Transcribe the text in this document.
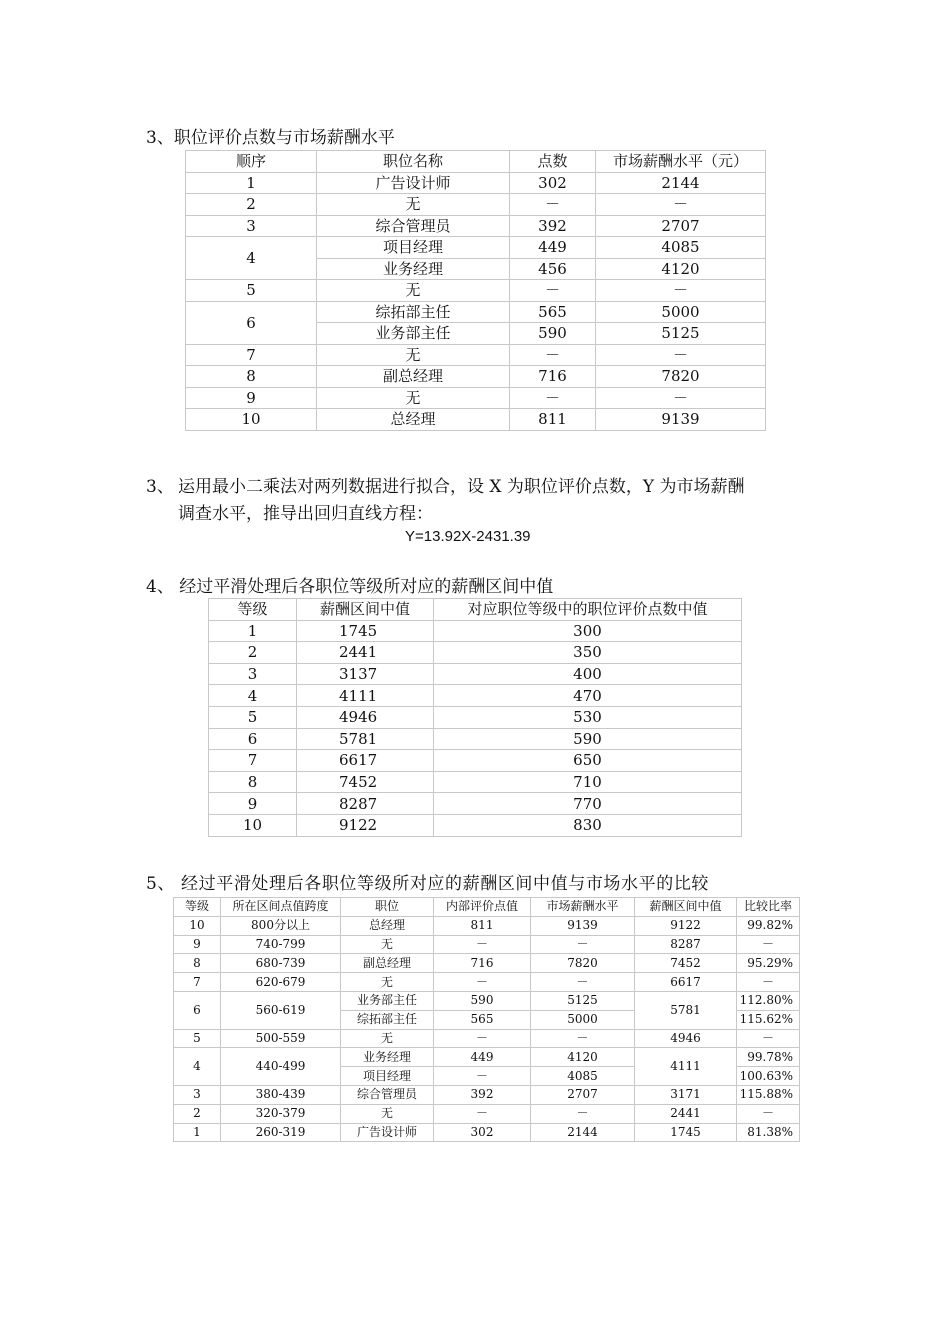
3、职位评价点数与市场薪酬水平
顺序	职位名称	点数	市场薪酬水平（元）
1	广告设计师	302	2144
2	无	－	－
3	综合管理员	392	2707
4	项目经理	449	4085
	业务经理	456	4120
5	无	－	－
6	综拓部主任	565	5000
	业务部主任	590	5125
7	无	－	－
8	副总经理	716	7820
9	无	－	－
10	总经理	811	9139
3、 运用最小二乘法对两列数据进行拟合，设 X 为职位评价点数，Y 为市场薪酬
调查水平，推导出回归直线方程：
Y=13.92X-2431.39
4、 经过平滑处理后各职位等级所对应的薪酬区间中值
等级	薪酬区间中值	对应职位等级中的职位评价点数中值
1	1745	300
2	2441	350
3	3137	400
4	4111	470
5	4946	530
6	5781	590
7	6617	650
8	7452	710
9	8287	770
10	9122	830
5、 经过平滑处理后各职位等级所对应的薪酬区间中值与市场水平的比较
等级	所在区间点值跨度	职位	内部评价点值	市场薪酬水平	薪酬区间中值	比较比率
10	800分以上	总经理	811	9139	9122	99.82%
9	740-799	无	－	－	8287	－
8	680-739	副总经理	716	7820	7452	95.29%
7	620-679	无	－	－	6617	－
6	560-619	业务部主任	590	5125	5781	112.80%
		综拓部主任	565	5000		115.62%
5	500-559	无	－	－	4946	－
4	440-499	业务经理	449	4120	4111	99.78%
		项目经理	－	4085		100.63%
3	380-439	综合管理员	392	2707	3171	115.88%
2	320-379	无	－	－	2441	－
1	260-319	广告设计师	302	2144	1745	81.38%
